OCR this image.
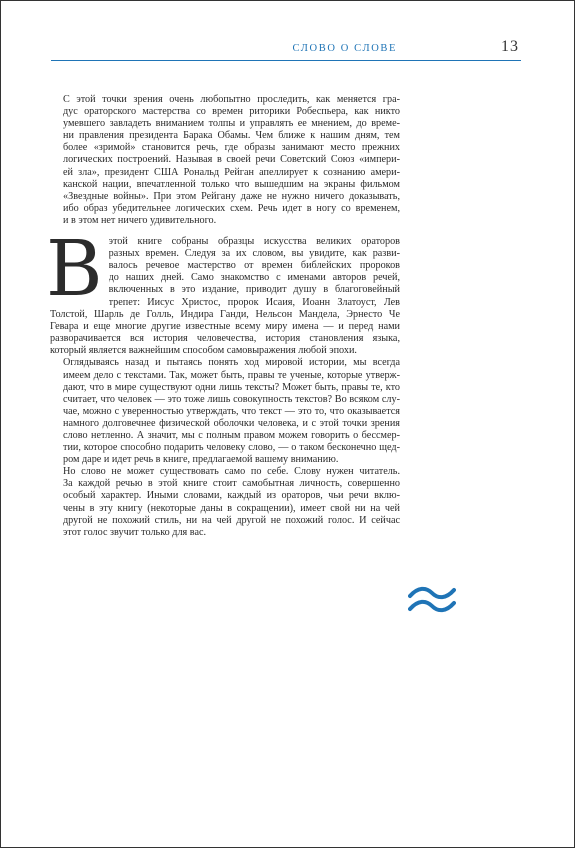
СЛОВО О СЛОВЕ	13

С этой точки зрения очень любопытно проследить, как меняется гра-
дус ораторского мастерства со времен риторики Робеспьера, как никто
умевшего завладеть вниманием толпы и управлять ее мнением, до време-
ни правления президента Барака Обамы. Чем ближе к нашим дням, тем
более «зримой» становится речь, где образы занимают место прежних
логических построений. Называя в своей речи Советский Союз «импери-
ей зла», президент США Рональд Рейган апеллирует к сознанию амери-
канской нации, впечатленной только что вышедшим на экраны фильмом
«Звездные войны». При этом Рейгану даже не нужно ничего доказывать,
ибо образ убедительнее логических схем. Речь идет в ногу со временем,
и в этом нет ничего удивительного.

В этой книге собраны образцы искусства великих ораторов
разных времен. Следуя за их словом, вы увидите, как разви-
валось речевое мастерство от времен библейских пророков
до наших дней. Само знакомство с именами авторов речей,
включенных в это издание, приводит душу в благоговейный
трепет: Иисус Христос, пророк Исаия, Иоанн Златоуст, Лев
Толстой, Шарль де Голль, Индира Ганди, Нельсон Мандела, Эрнесто Че
Гевара и еще многие другие известные всему миру имена — и перед нами
разворачивается вся история человечества, история становления языка,
который является важнейшим способом самовыражения любой эпохи.

Оглядываясь назад и пытаясь понять ход мировой истории, мы всегда
имеем дело с текстами. Так, может быть, правы те ученые, которые утверж-
дают, что в мире существуют одни лишь тексты? Может быть, правы те, кто
считает, что человек — это тоже лишь совокупность текстов? Во всяком слу-
чае, можно с уверенностью утверждать, что текст — это то, что оказывается
намного долговечнее физической оболочки человека, и с этой точки зрения
слово нетленно. А значит, мы с полным правом можем говорить о бессмер-
тии, которое способно подарить человеку слово, — о таком бесконечно щед-
ром даре и идет речь в книге, предлагаемой вашему вниманию.

Но слово не может существовать само по себе. Слову нужен читатель.
За каждой речью в этой книге стоит самобытная личность, совершенно
особый характер. Иными словами, каждый из ораторов, чьи речи вклю-
чены в эту книгу (некоторые даны в сокращении), имеет свой ни на чей
другой не похожий стиль, ни на чей другой не похожий голос. И сейчас
этот голос звучит только для вас.
